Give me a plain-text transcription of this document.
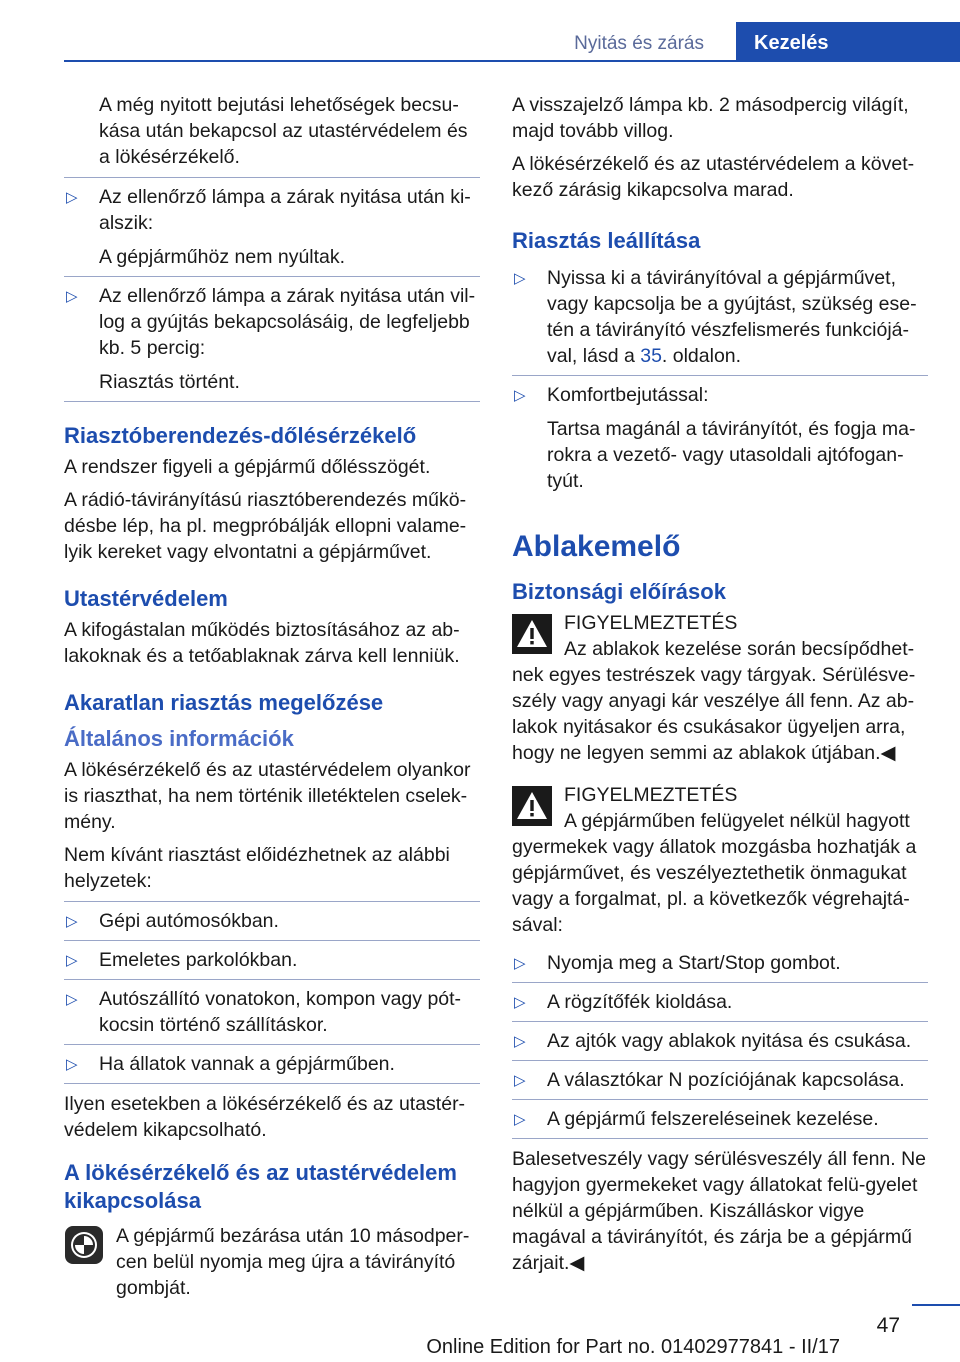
Nyitás és zárás	Kezelés

A még nyitott bejutási lehetőségek becsu‐kása után bekapcsol az utastérvédelem és a lökésérzékelő.

▷ Az ellenőrző lámpa a zárak nyitása után ki‐alszik:
A gépjárműhöz nem nyúltak.
▷ Az ellenőrző lámpa a zárak nyitása után vil‐log a gyújtás bekapcsolásáig, de legfeljebb kb. 5 percig:
Riasztás történt.
Riasztóberendezés-dőlésérzékelő

A rendszer figyeli a gépjármű dőlésszögét.

A rádió-távirányítású riasztóberendezés műkö‐désbe lép, ha pl. megpróbálják ellopni valame‐lyik kereket vagy elvontatni a gépjárművet.

Utastérvédelem

A kifogástalan működés biztosításához az ab‐lakoknak és a tetőablaknak zárva kell lenniük.

Akaratlan riasztás megelőzése
Általános információk

A lökésérzékelő és az utastérvédelem olyankor is riaszthat, ha nem történik illetéktelen cselek‐mény.

Nem kívánt riasztást előidézhetnek az alábbi helyzetek:

▷ Gépi autómosókban.
▷ Emeletes parkolókban.
▷ Autószállító vonatokon, kompon vagy pót‐kocsin történő szállításkor.
▷ Ha állatok vannak a gépjárműben.

Ilyen esetekben a lökésérzékelő és az utastér‐védelem kikapcsolható.

A lökésérzékelő és az utastérvédelem kikapcsolása

A gépjármű bezárása után 10 másodper‐cen belül nyomja meg újra a távirányító gombját.

A visszajelző lámpa kb. 2 másodpercig világít, majd tovább villog.

A lökésérzékelő és az utastérvédelem a követ‐kező zárásig kikapcsolva marad.

Riasztás leállítása
▷ Nyissa ki a távirányítóval a gépjárművet, vagy kapcsolja be a gyújtást, szükség ese‐tén a távirányító vészfelismerés funkciójá‐val, lásd a 35. oldalon.
▷ Komfortbejutással:
Tartsa magánál a távirányítót, és fogja ma‐rokra a vezető- vagy utasoldali ajtófogan‐tyút.
Ablakemelő
Biztonsági előírások
FIGYELMEZTETÉS
Az ablakok kezelése során becsípődhet‐nek egyes testrészek vagy tárgyak. Sérülésve‐szély vagy anyagi kár veszélye áll fenn. Az ab‐lakok nyitásakor és csukásakor ügyeljen arra, hogy ne legyen semmi az ablakok útjában.◀
FIGYELMEZTETÉS
A gépjárműben felügyelet nélkül hagyott gyermekek vagy állatok mozgásba hozhatják a gépjárművet, és veszélyeztethetik önmagukat vagy a forgalmat, pl. a következők végrehajtá‐sával:
▷ Nyomja meg a Start/Stop gombot.
▷ A rögzítőfék kioldása.
▷ Az ajtók vagy ablakok nyitása és csukása.
▷ A választókar N pozíciójának kapcsolása.
▷ A gépjármű felszereléseinek kezelése.

Balesetveszély vagy sérülésveszély áll fenn. Ne hagyjon gyermekeket vagy állatokat felü‐gyelet nélkül a gépjárműben. Kiszálláskor vigye magával a távirányítót, és zárja be a gépjármű zárjait.◀

47
Online Edition for Part no. 01402977841 - II/17
